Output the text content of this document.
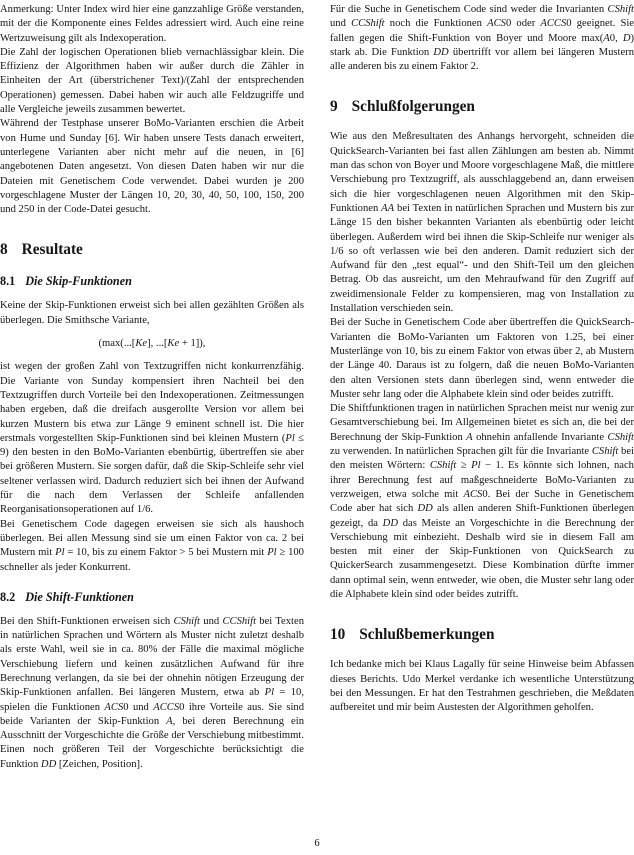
Anmerkung: Unter Index wird hier eine ganzzahlige Größe verstanden, mit der die Komponente eines Feldes adressiert wird. Auch eine reine Wertzuweisung gilt als Indexoperation.

Die Zahl der logischen Operationen blieb vernachlässigbar klein. Die Effizienz der Algorithmen haben wir außer durch die Zähler in Einheiten der Art (überstrichener Text)/(Zahl der entsprechenden Operationen) gemessen. Dabei haben wir auch alle Feldzugriffe und alle Vergleiche jeweils zusammen bewertet.

Während der Testphase unserer BoMo-Varianten erschien die Arbeit von Hume und Sunday [6]. Wir haben unsere Tests danach erweitert, unterlegene Varianten aber nicht mehr auf die neuen, in [6] angebotenen Daten angesetzt. Von diesen Daten haben wir nur die Dateien mit Genetischem Code verwendet. Dabei wurden je 200 vorgeschlagene Muster der Längen 10, 20, 30, 40, 50, 100, 150, 200 und 250 in der Code-Datei gesucht.

8 Resultate
8.1 Die Skip-Funktionen

Keine der Skip-Funktionen erweist sich bei allen gezählten Größen als überlegen. Die Smithsche Variante,

(max(...[Ke], ...[Ke + 1]),

ist wegen der großen Zahl von Textzugriffen nicht konkurrenzfähig. Die Variante von Sunday kompensiert ihren Nachteil bei den Textzugriffen durch Vorteile bei den Indexoperationen. Zeitmessungen haben ergeben, daß die dreifach ausgerollte Version vor allem bei kurzen Mustern bis etwa zur Länge 9 eminent schnell ist. Die hier erstmals vorgestellten Skip-Funktionen sind bei kleinen Mustern (Pl ≤ 9) den besten in den BoMo-Varianten ebenbürtig, übertreffen sie aber bei größeren Mustern. Sie sorgen dafür, daß die Skip-Schleife sehr viel seltener verlassen wird. Dadurch reduziert sich bei ihnen der Aufwand für die nach dem Verlassen der Schleife anfallenden Reorganisationsoperationen auf 1/6.

Bei Genetischem Code dagegen erweisen sie sich als haushoch überlegen. Bei allen Messung sind sie um einen Faktor von ca. 2 bei Mustern mit Pl = 10, bis zu einem Faktor > 5 bei Mustern mit Pl ≥ 100 schneller als jeder Konkurrent.

8.2 Die Shift-Funktionen

Bei den Shift-Funktionen erweisen sich CShift und CCShift bei Texten in natürlichen Sprachen und Wörtern als Muster nicht zuletzt deshalb als erste Wahl, weil sie in ca. 80% der Fälle die maximal mögliche Verschiebung liefern und keinen zusätzlichen Aufwand für ihre Berechnung verlangen, da sie bei der ohnehin nötigen Erzeugung der Skip-Funktionen anfallen. Bei längeren Mustern, etwa ab Pl = 10, spielen die Funktionen ACS0 und ACCS0 ihre Vorteile aus. Sie sind beide Varianten der Skip-Funktion A, bei deren Berechnung ein Ausschnitt der Vorgeschichte die Größe der Verschiebung mitbestimmt. Einen noch größeren Teil der Vorgeschichte berücksichtigt die Funktion DD [Zeichen, Position].

Für die Suche in Genetischem Code sind weder die Invarianten CShift und CCShift noch die Funktionen ACS0 oder ACCS0 geeignet. Sie fallen gegen die Shift-Funktion von Boyer und Moore max(A0, D) stark ab. Die Funktion DD übertrifft vor allem bei längeren Mustern alle anderen bis zu einem Faktor 2.

9 Schlußfolgerungen

Wie aus den Meßresultaten des Anhangs hervorgeht, schneiden die QuickSearch-Varianten bei fast allen Zählungen am besten ab. Nimmt man das schon von Boyer und Moore vorgeschlagene Maß, die mittlere Verschiebung pro Textzugriff, als ausschlaggebend an, dann erweisen sich die hier vorgeschlagenen neuen Algorithmen mit den Skip-Funktionen AA bei Texten in natürlichen Sprachen und Mustern bis zur Länge 15 den bisher bekannten Varianten als ebenbürtig oder leicht überlegen. Außerdem wird bei ihnen die Skip-Schleife nur weniger als 1/6 so oft verlassen wie bei den anderen. Damit reduziert sich der Aufwand für den „test equal“- und den Shift-Teil um den gleichen Betrag. Ob das ausreicht, um den Mehraufwand für den Zugriff auf zweidimensionale Felder zu kompensieren, mag von Installation zu Installation verschieden sein.

Bei der Suche in Genetischem Code aber übertreffen die QuickSearch-Varianten die BoMo-Varianten um Faktoren von 1.25, bei einer Musterlänge von 10, bis zu einem Faktor von etwas über 2, ab Mustern der Länge 40. Daraus ist zu folgern, daß die neuen BoMo-Varianten den alten Versionen stets dann überlegen sind, wenn entweder die Muster sehr lang oder die Alphabete klein sind oder beides zutrifft.

Die Shiftfunktionen tragen in natürlichen Sprachen meist nur wenig zur Gesamtverschiebung bei. Im Allgemeinen bietet es sich an, die bei der Berechnung der Skip-Funktion A ohnehin anfallende Invariante CShift zu verwenden. In natürlichen Sprachen gilt für die Invariante CShift bei den meisten Wörtern: CShift ≥ Pl − 1. Es könnte sich lohnen, nach ihrer Berechnung fest auf maßgeschneiderte BoMo-Varianten zu verzweigen, etwa solche mit ACS0. Bei der Suche in Genetischem Code aber hat sich DD als allen anderen Shift-Funktionen überlegen gezeigt, da DD das Meiste an Vorgeschichte in die Berechnung der Verschiebung mit einbezieht. Deshalb wird sie in diesem Fall am besten mit einer der Skip-Funktionen von QuickSearch zu QuickerSearch zusammengesetzt. Diese Kombination dürfte immer dann optimal sein, wenn entweder, wie oben, die Muster sehr lang oder die Alphabete klein sind oder beides zutrifft.

10 Schlußbemerkungen

Ich bedanke mich bei Klaus Lagally für seine Hinweise beim Abfassen dieses Berichts. Udo Merkel verdanke ich wesentliche Unterstützung bei den Messungen. Er hat den Testrahmen geschrieben, die Meßdaten aufbereitet und mir beim Austesten der Algorithmen geholfen.

6
